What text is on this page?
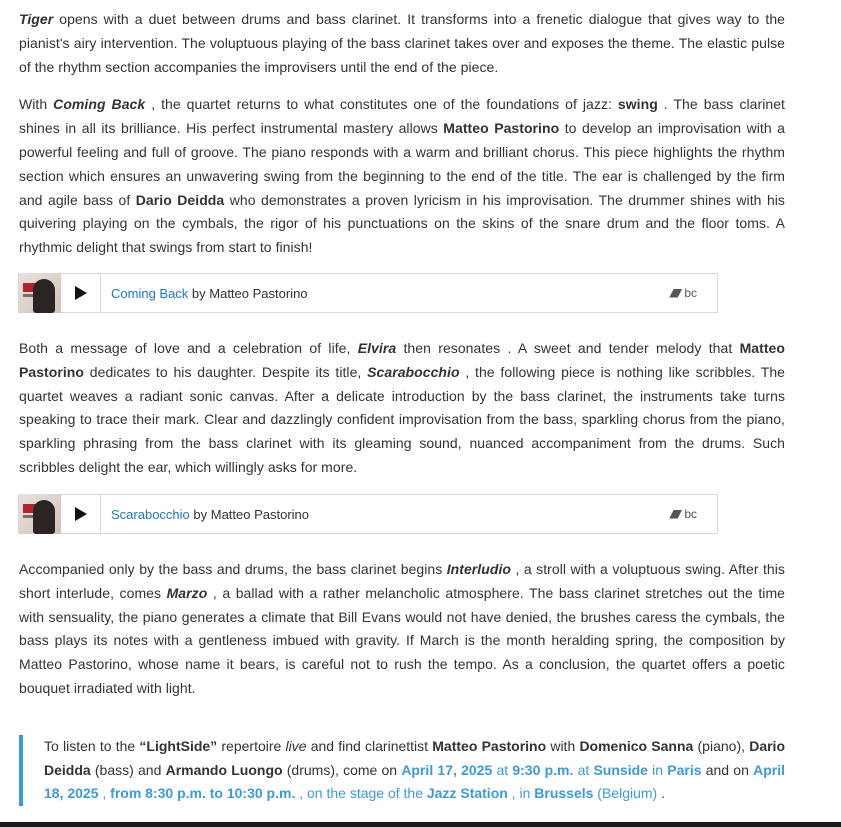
Tiger opens with a duet between drums and bass clarinet. It transforms into a frenetic dialogue that gives way to the pianist's airy intervention. The voluptuous playing of the bass clarinet takes over and exposes the theme. The elastic pulse of the rhythm section accompanies the improvisers until the end of the piece.

With Coming Back , the quartet returns to what constitutes one of the foundations of jazz: swing . The bass clarinet shines in all its brilliance. His perfect instrumental mastery allows Matteo Pastorino to develop an improvisation with a powerful feeling and full of groove. The piano responds with a warm and brilliant chorus. This piece highlights the rhythm section which ensures an unwavering swing from the beginning to the end of the title. The ear is challenged by the firm and agile bass of Dario Deidda who demonstrates a proven lyricism in his improvisation. The drummer shines with his quivering playing on the cymbals, the rigor of his punctuations on the skins of the snare drum and the floor toms. A rhythmic delight that swings from start to finish!

Coming Back by Matteo Pastorino	bc

Both a message of love and a celebration of life, Elvira then resonates . A sweet and tender melody that Matteo Pastorino dedicates to his daughter. Despite its title, Scarabocchio , the following piece is nothing like scribbles. The quartet weaves a radiant sonic canvas. After a delicate introduction by the bass clarinet, the instruments take turns speaking to trace their mark. Clear and dazzlingly confident improvisation from the bass, sparkling chorus from the piano, sparkling phrasing from the bass clarinet with its gleaming sound, nuanced accompaniment from the drums. Such scribbles delight the ear, which willingly asks for more.

Scarabocchio by Matteo Pastorino	bc

Accompanied only by the bass and drums, the bass clarinet begins Interludio , a stroll with a voluptuous swing. After this short interlude, comes Marzo , a ballad with a rather melancholic atmosphere. The bass clarinet stretches out the time with sensuality, the piano generates a climate that Bill Evans would not have denied, the brushes caress the cymbals, the bass plays its notes with a gentleness imbued with gravity. If March is the month heralding spring, the composition by Matteo Pastorino, whose name it bears, is careful not to rush the tempo. As a conclusion, the quartet offers a poetic bouquet irradiated with light.

To listen to the “LightSide” repertoire live and find clarinettist Matteo Pastorino with Domenico Sanna (piano), Dario Deidda (bass) and Armando Luongo (drums), come on April 17, 2025 at 9:30 p.m. at Sunside in Paris and on April 18, 2025 , from 8:30 p.m. to 10:30 p.m. , on the stage of the Jazz Station , in Brussels (Belgium) .
